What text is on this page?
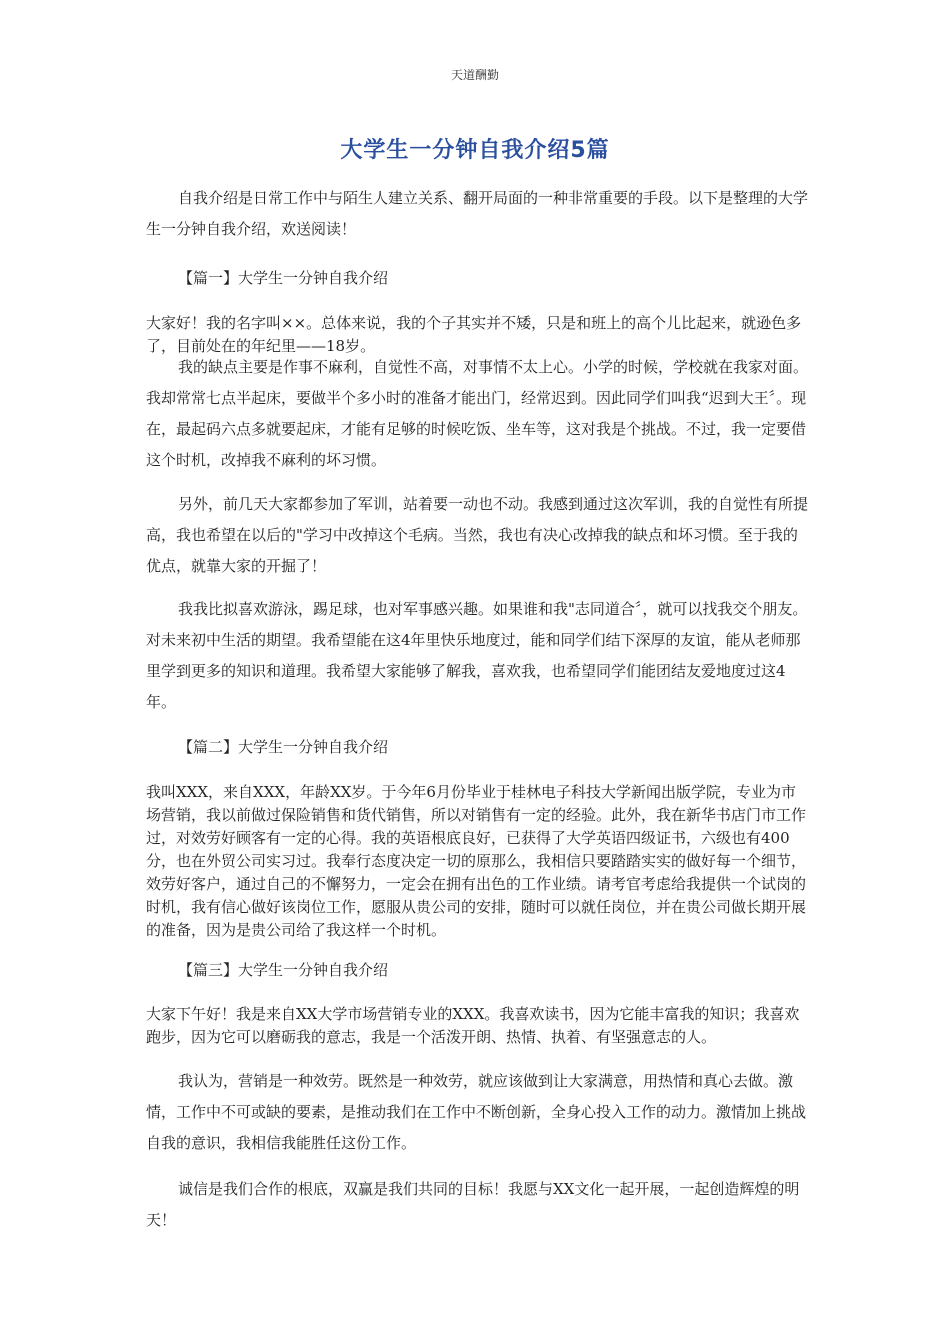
天道酬勤
大学生一分钟自我介绍5篇

自我介绍是日常工作中与陌生人建立关系、翻开局面的一种非常重要的手段。以下是整理的大学生一分钟自我介绍，欢送阅读！

【篇一】大学生一分钟自我介绍

大家好！我的名字叫××。总体来说，我的个子其实并不矮，只是和班上的高个儿比起来，就逊色多了，目前处在的年纪里——18岁。

我的缺点主要是作事不麻利，自觉性不高，对事情不太上心。小学的时候，学校就在我家对面。我却常常七点半起床，要做半个多小时的准备才能出门，经常迟到。因此同学们叫我“迟到大王〞。现在，最起码六点多就要起床，才能有足够的时候吃饭、坐车等，这对我是个挑战。不过，我一定要借这个时机，改掉我不麻利的坏习惯。

另外，前几天大家都参加了军训，站着要一动也不动。我感到通过这次军训，我的自觉性有所提高，我也希望在以后的"学习中改掉这个毛病。当然，我也有决心改掉我的缺点和坏习惯。至于我的优点，就靠大家的开掘了！

我我比拟喜欢游泳，踢足球，也对军事感兴趣。如果谁和我"志同道合〞，就可以找我交个朋友。对未来初中生活的期望。我希望能在这4年里快乐地度过，能和同学们结下深厚的友谊，能从老师那里学到更多的知识和道理。我希望大家能够了解我，喜欢我，也希望同学们能团结友爱地度过这4年。

【篇二】大学生一分钟自我介绍

我叫XXX，来自XXX，年龄XX岁。于今年6月份毕业于桂林电子科技大学新闻出版学院，专业为市场营销，我以前做过保险销售和货代销售，所以对销售有一定的经验。此外，我在新华书店门市工作过，对效劳好顾客有一定的心得。我的英语根底良好，已获得了大学英语四级证书，六级也有400分，也在外贸公司实习过。我奉行态度决定一切的原那么，我相信只要踏踏实实的做好每一个细节，效劳好客户，通过自己的不懈努力，一定会在拥有出色的工作业绩。请考官考虑给我提供一个试岗的时机，我有信心做好该岗位工作，愿服从贵公司的安排，随时可以就任岗位，并在贵公司做长期开展的准备，因为是贵公司给了我这样一个时机。

【篇三】大学生一分钟自我介绍

大家下午好！我是来自XX大学市场营销专业的XXX。我喜欢读书，因为它能丰富我的知识；我喜欢跑步，因为它可以磨砺我的意志，我是一个活泼开朗、热情、执着、有坚强意志的人。

我认为，营销是一种效劳。既然是一种效劳，就应该做到让大家满意，用热情和真心去做。激情，工作中不可或缺的要素，是推动我们在工作中不断创新，全身心投入工作的动力。激情加上挑战自我的意识，我相信我能胜任这份工作。

诚信是我们合作的根底，双赢是我们共同的目标！我愿与XX文化一起开展，一起创造辉煌的明天！
